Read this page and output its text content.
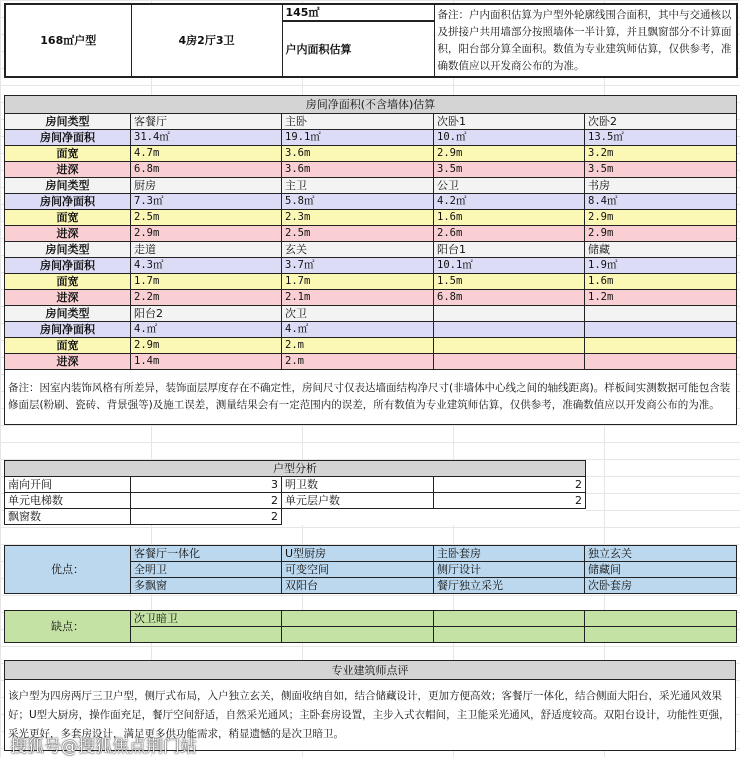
168㎡户型	4房2厅3卫	145㎡	备注：户内面积估算为户型外轮廓线围合面积，其中与交通核以及拼接户共用墙部分按照墙体一半计算，并且飘窗部分不计算面积，阳台部分算全面积。数值为专业建筑师估算，仅供参考，准确数值应以开发商公布的为准。
户内面积估算
房间净面积(不含墙体)估算				
房间类型	客餐厅	主卧	次卧1	次卧2
房间净面积	31.4㎡	19.1㎡	10.㎡	13.5㎡
面宽	4.7m	3.6m	2.9m	3.2m
进深	6.8m	3.6m	3.5m	3.5m
房间类型	厨房	主卫	公卫	书房
房间净面积	7.3㎡	5.8㎡	4.2㎡	8.4㎡
面宽	2.5m	2.3m	1.6m	2.9m
进深	2.9m	2.5m	2.6m	2.9m
房间类型	走道	玄关	阳台1	储藏
房间净面积	4.3㎡	3.7㎡	10.1㎡	1.9㎡
面宽	1.7m	1.7m	1.5m	1.6m
进深	2.2m	2.1m	6.8m	1.2m
房间类型	阳台2	次卫		
房间净面积	4.㎡	4.㎡		
面宽	2.9m	2.m		
进深	1.4m	2.m		
备注：因室内装饰风格有所差异，装饰面层厚度存在不确定性，房间尺寸仅表达墙面结构净尺寸(非墙体中心线之间的轴线距离)。样板间实测数据可能包含装修面层(粉刷、瓷砖、背景强等)及施工误差，测量结果会有一定范围内的误差，所有数值为专业建筑师估算，仅供参考，准确数值应以开发商公布的为准。				
户型分析			
南向开间	3	明卫数	2
单元电梯数	2	单元层户数	2
飘窗数	2		
优点：	客餐厅一体化	U型厨房	主卧套房	独立玄关
	全明卫	可变空间	侧厅设计	储藏间
	多飘窗	双阳台	餐厅独立采光	次卧套房
缺点：	次卫暗卫			

专业建筑师点评
该户型为四房两厅三卫户型，侧厅式布局，入户独立玄关，侧面收纳自如，结合储藏设计，更加方便高效；客餐厅一体化，结合侧面大阳台，采光通风效果好；U型大厨房，操作面充足，餐厅空间舒适，自然采光通风；主卧套房设置，主步入式衣帽间，主卫能采光通风，舒适度较高。双阳台设计，功能性更强，采光更好，多套房设计，满足更多供功能需求，稍显遗憾的是次卫暗卫。
搜狐号@搜狐焦点荆门站
